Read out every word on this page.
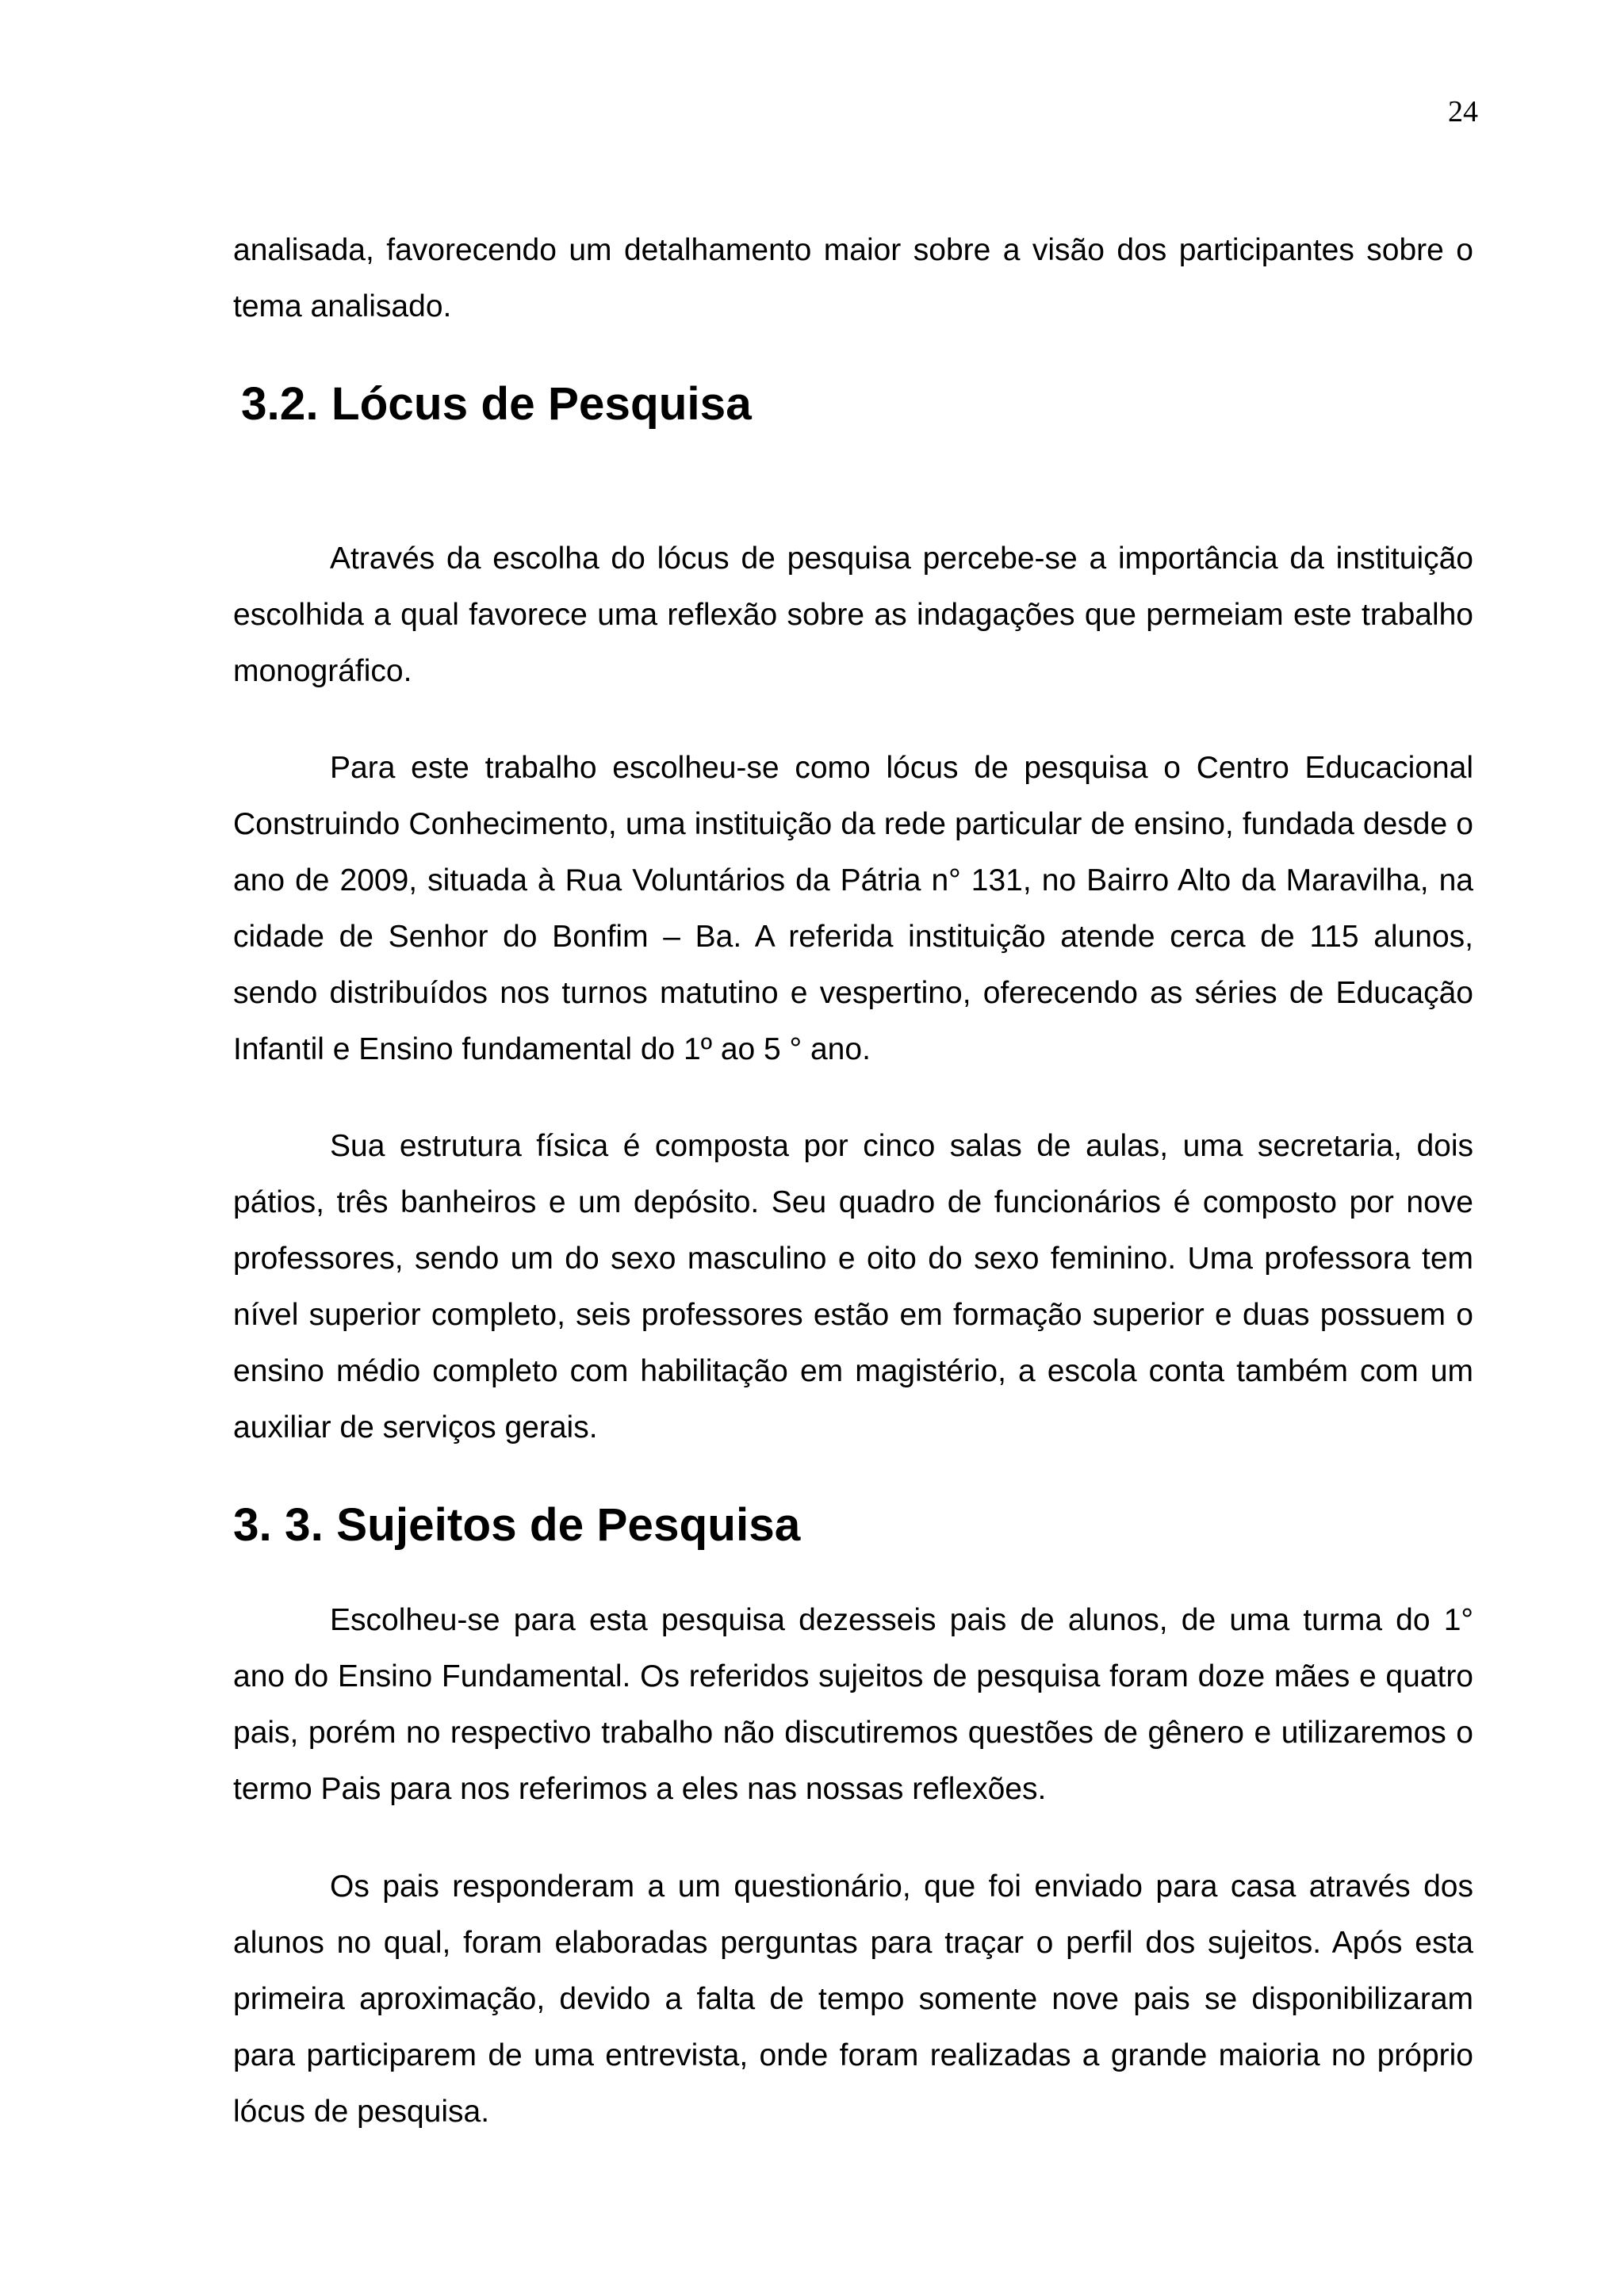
24

analisada, favorecendo um detalhamento maior sobre a visão dos participantes sobre o tema analisado.

3.2. Lócus de Pesquisa

Através da escolha do lócus de pesquisa percebe-se a importância da instituição escolhida a qual favorece uma reflexão sobre as indagações que permeiam este trabalho monográfico.

Para este trabalho escolheu-se como lócus de pesquisa o Centro Educacional Construindo Conhecimento, uma instituição da rede particular de ensino, fundada desde o ano de 2009, situada à Rua Voluntários da Pátria n° 131, no Bairro Alto da Maravilha, na cidade de Senhor do Bonfim – Ba. A referida instituição atende cerca de 115 alunos, sendo distribuídos nos turnos matutino e vespertino, oferecendo as séries de Educação Infantil e Ensino fundamental do 1º ao 5 ° ano.

Sua estrutura física é composta por cinco salas de aulas, uma secretaria, dois pátios, três banheiros e um depósito. Seu quadro de funcionários é composto por nove professores, sendo um do sexo masculino e oito do sexo feminino. Uma professora tem nível superior completo, seis professores estão em formação superior e duas possuem o ensino médio completo com habilitação em magistério, a escola conta também com um auxiliar de serviços gerais.

3. 3. Sujeitos de Pesquisa

Escolheu-se para esta pesquisa dezesseis pais de alunos, de uma turma do 1° ano do Ensino Fundamental. Os referidos sujeitos de pesquisa foram doze mães e quatro pais, porém no respectivo trabalho não discutiremos questões de gênero e utilizaremos o termo Pais para nos referimos a eles nas nossas reflexões.

Os pais responderam a um questionário, que foi enviado para casa através dos alunos no qual, foram elaboradas perguntas para traçar o perfil dos sujeitos. Após esta primeira aproximação, devido a falta de tempo somente nove pais se disponibilizaram para participarem de uma entrevista, onde foram realizadas a grande maioria no próprio lócus de pesquisa.
